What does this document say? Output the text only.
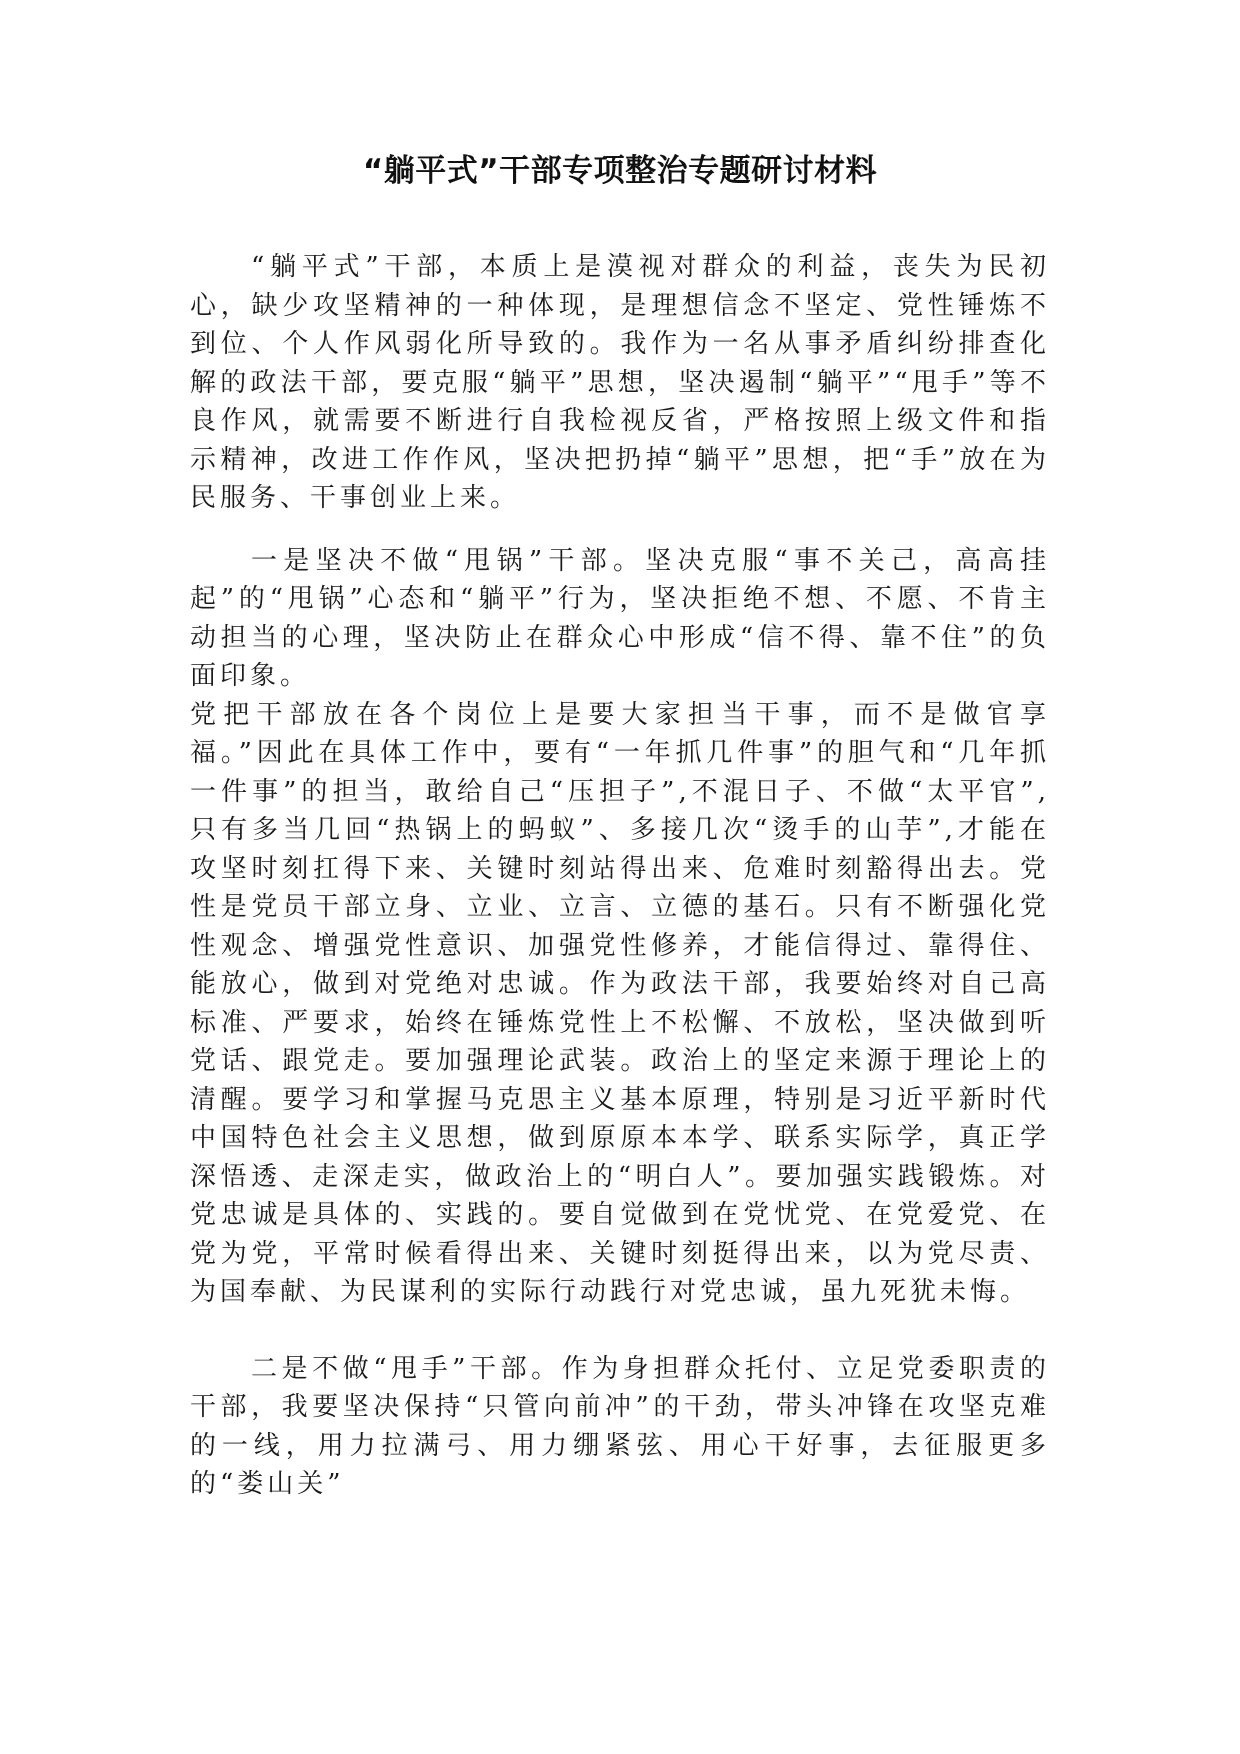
“躺平式”干部专项整治专题研讨材料

“躺平式”干部，本质上是漠视对群众的利益，丧失为民初心，缺少攻坚精神的一种体现，是理想信念不坚定、党性锤炼不到位、个人作风弱化所导致的。我作为一名从事矛盾纠纷排查化解的政法干部，要克服“躺平”思想，坚决遏制“躺平”“甩手”等不良作风，就需要不断进行自我检视反省，严格按照上级文件和指示精神，改进工作作风，坚决把扔掉“躺平”思想，把“手”放在为民服务、干事创业上来。

一是坚决不做“甩锅”干部。坚决克服“事不关己，高高挂起”的“甩锅”心态和“躺平”行为，坚决拒绝不想、不愿、不肯主动担当的心理，坚决防止在群众心中形成“信不得、靠不住”的负面印象。

党把干部放在各个岗位上是要大家担当干事，而不是做官享福。”因此在具体工作中，要有“一年抓几件事”的胆气和“几年抓一件事”的担当，敢给自己“压担子”,不混日子、不做“太平官”,只有多当几回“热锅上的蚂蚁”、多接几次“烫手的山芋”,才能在攻坚时刻扛得下来、关键时刻站得出来、危难时刻豁得出去。党性是党员干部立身、立业、立言、立德的基石。只有不断强化党性观念、增强党性意识、加强党性修养，才能信得过、靠得住、能放心，做到对党绝对忠诚。作为政法干部，我要始终对自己高标准、严要求，始终在锤炼党性上不松懈、不放松，坚决做到听党话、跟党走。要加强理论武装。政治上的坚定来源于理论上的清醒。要学习和掌握马克思主义基本原理，特别是习近平新时代中国特色社会主义思想，做到原原本本学、联系实际学，真正学深悟透、走深走实，做政治上的“明白人”。要加强实践锻炼。对党忠诚是具体的、实践的。要自觉做到在党忧党、在党爱党、在党为党，平常时候看得出来、关键时刻挺得出来，以为党尽责、为国奉献、为民谋利的实际行动践行对党忠诚，虽九死犹未悔。

二是不做“甩手”干部。作为身担群众托付、立足党委职责的干部，我要坚决保持“只管向前冲”的干劲，带头冲锋在攻坚克难的一线，用力拉满弓、用力绷紧弦、用心干好事，去征服更多的“娄山关”
